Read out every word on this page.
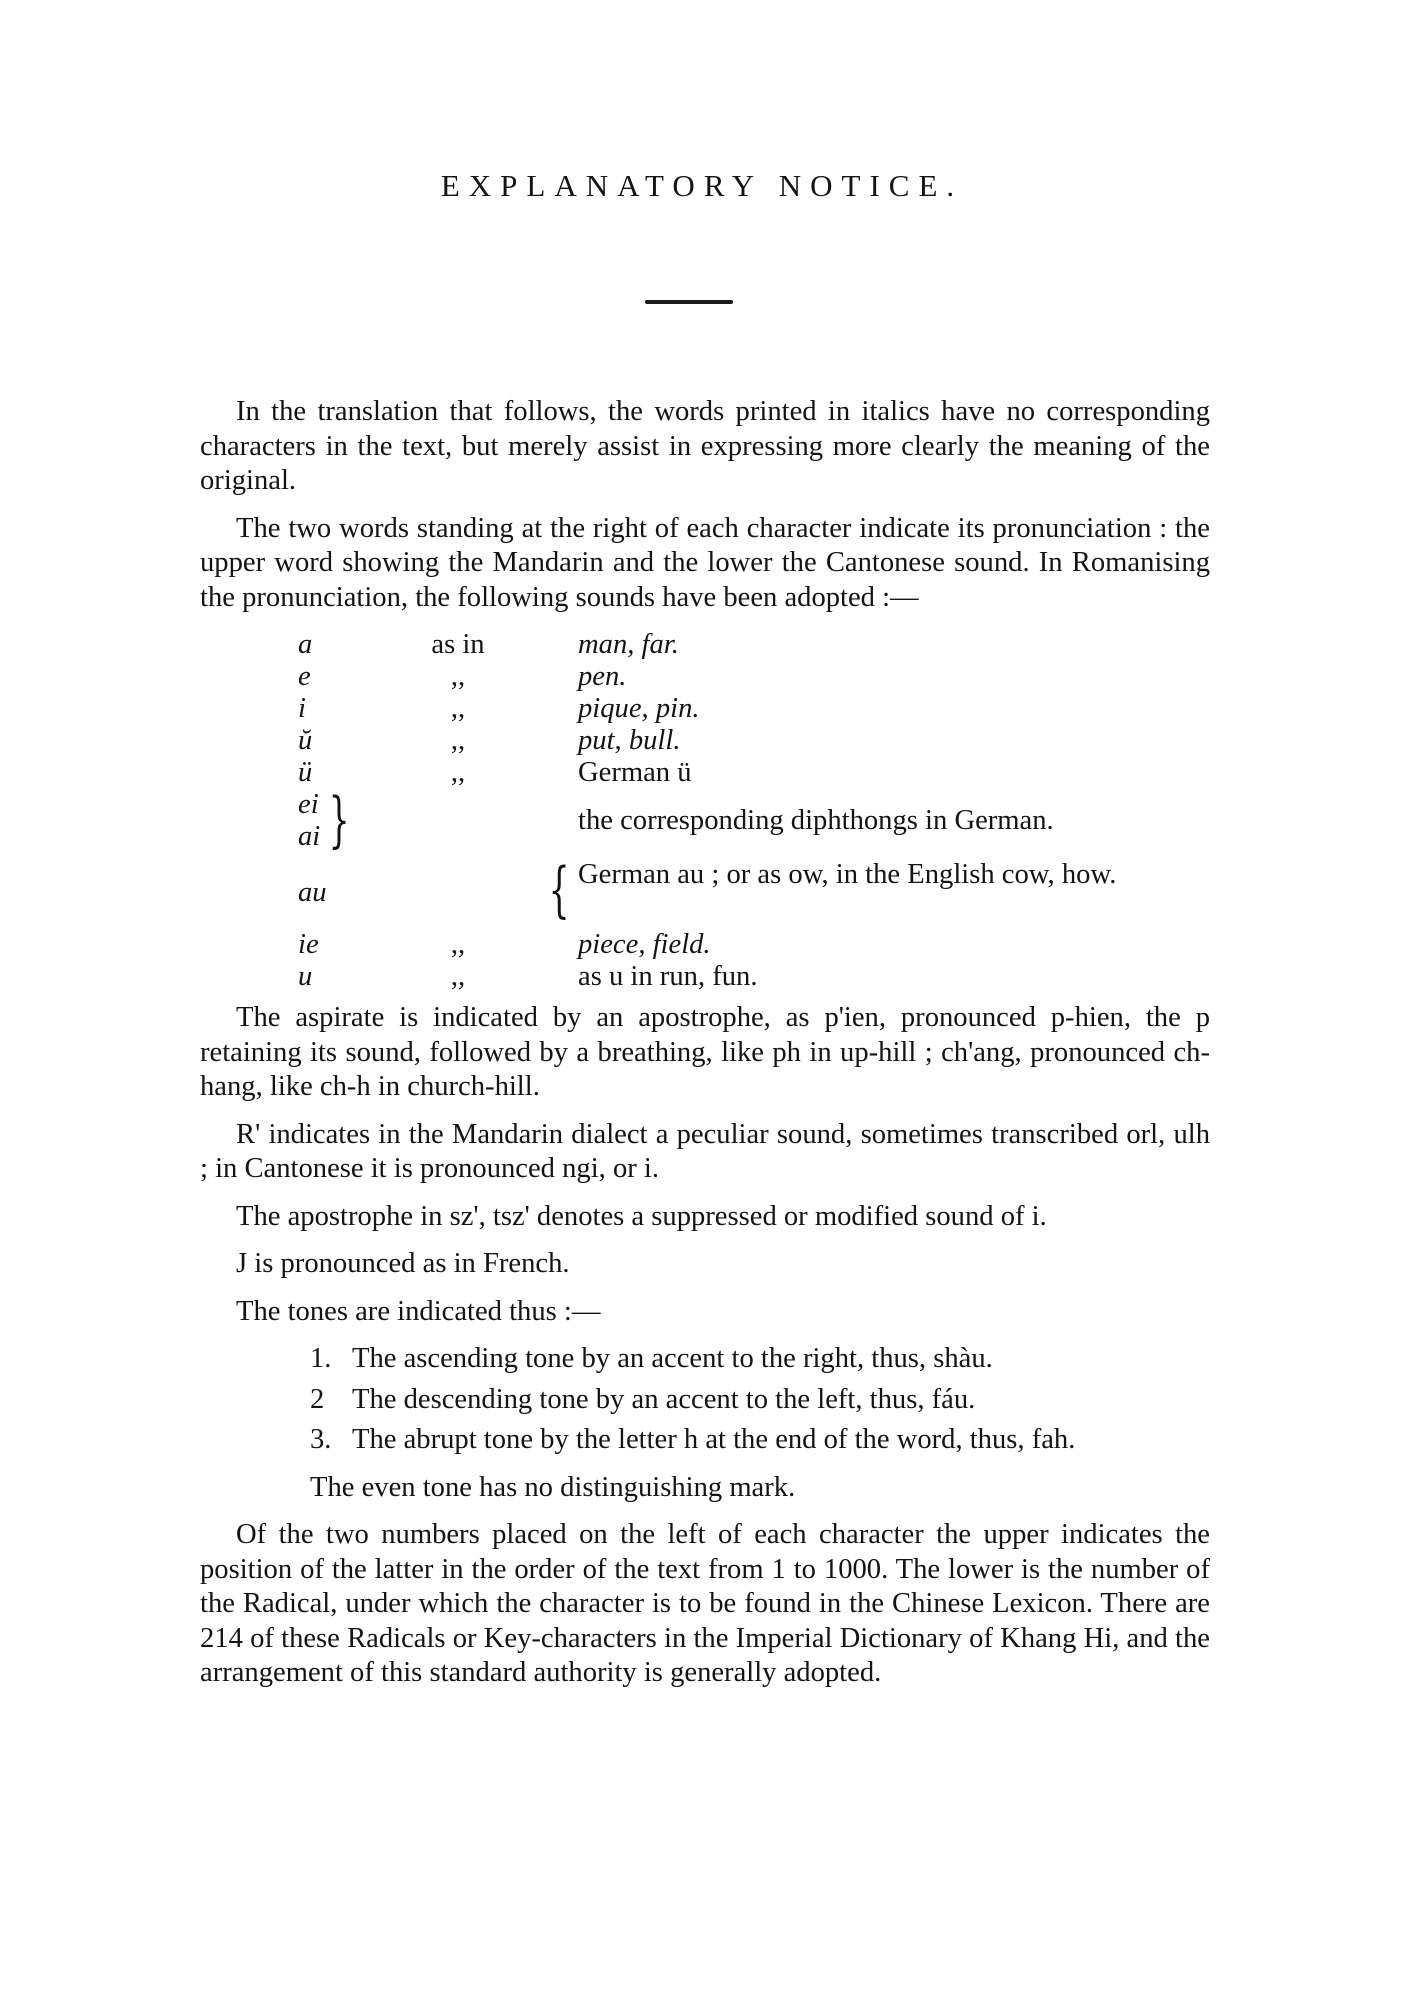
EXPLANATORY NOTICE.

In the translation that follows, the words printed in italics have no corresponding characters in the text, but merely assist in expressing more clearly the meaning of the original.

The two words standing at the right of each character indicate its pronunciation : the upper word showing the Mandarin and the lower the Cantonese sound. In Romanising the pronunciation, the following sounds have been adopted :—

a	as in	man, far.
e	,,	pen.
i	,,	pique, pin.
ŭ	,,	put, bull.
ü	,,	German ü
ei
ai }	the corresponding diphthongs in German.
au	{ German au ; or as ow, in the English cow, how.
ie	,,	piece, field.
u	,,	as u in run, fun.

The aspirate is indicated by an apostrophe, as p'ien, pronounced p-hien, the p retaining its sound, followed by a breathing, like ph in up-hill ; ch'ang, pronounced ch-hang, like ch-h in church-hill.

R' indicates in the Mandarin dialect a peculiar sound, sometimes transcribed orl, ulh ; in Cantonese it is pronounced ngi, or i.

The apostrophe in sz', tsz' denotes a suppressed or modified sound of i.

J is pronounced as in French.

The tones are indicated thus :—

1. The ascending tone by an accent to the right, thus, shàu.
2 The descending tone by an accent to the left, thus, fáu.
3. The abrupt tone by the letter h at the end of the word, thus, fah.
The even tone has no distinguishing mark.

Of the two numbers placed on the left of each character the upper indicates the position of the latter in the order of the text from 1 to 1000. The lower is the number of the Radical, under which the character is to be found in the Chinese Lexicon. There are 214 of these Radicals or Key-characters in the Imperial Dictionary of Khang Hi, and the arrangement of this standard authority is generally adopted.
